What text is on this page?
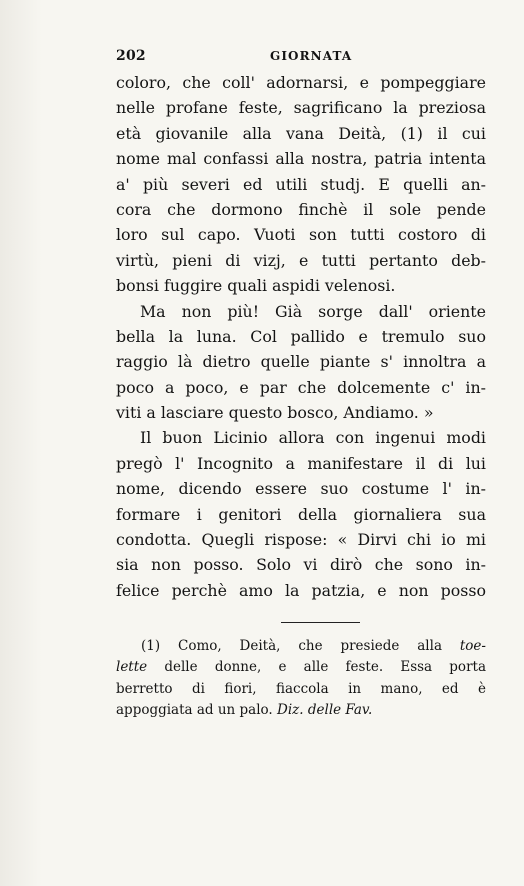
202	GIORNATA
coloro, che coll' adornarsi, e pompeggiare
nelle profane feste, sagrificano la preziosa
età giovanile alla vana Deità, (1) il cui
nome mal confassi alla nostra, patria intenta
a' più severi ed utili studj. E quelli an-
cora che dormono finchè il sole pende
loro sul capo. Vuoti son tutti costoro di
virtù, pieni di vizj, e tutti pertanto deb-
bonsi fuggire quali aspidi velenosi.
Ma non più! Già sorge dall' oriente
bella la luna. Col pallido e tremulo suo
raggio là dietro quelle piante s' innoltra a
poco a poco, e par che dolcemente c' in-
viti a lasciare questo bosco, Andiamo. »
Il buon Licinio allora con ingenui modi
pregò l' Incognito a manifestare il di lui
nome, dicendo essere suo costume l' in-
formare i genitori della giornaliera sua
condotta. Quegli rispose: « Dirvi chi io mi
sia non posso. Solo vi dirò che sono in-
felice perchè amo la patzia, e non posso
(1) Como, Deità, che presiede alla toe-
lette delle donne, e alle feste. Essa porta
berretto di fiori, fiaccola in mano, ed è
appoggiata ad un palo. Diz. delle Fav.
